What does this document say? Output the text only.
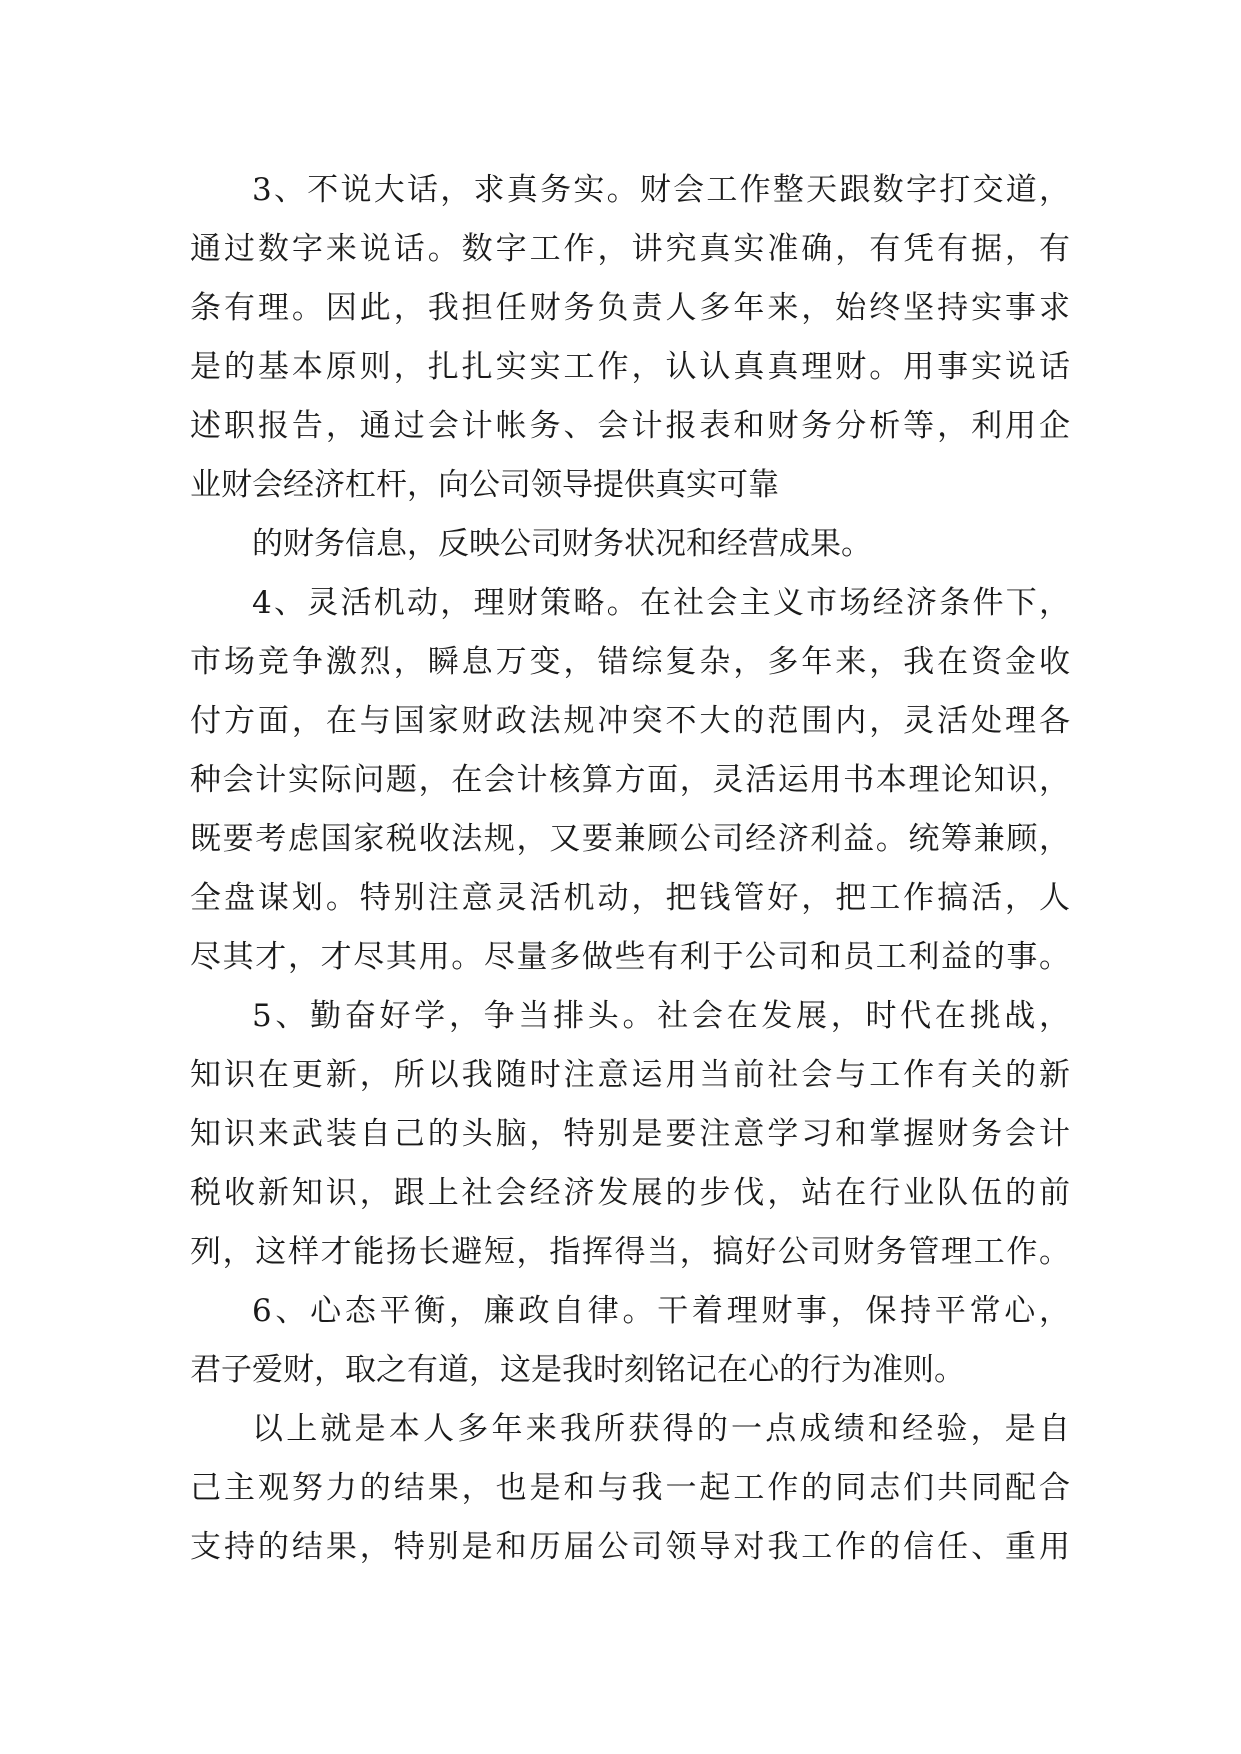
3、不说大话，求真务实。财会工作整天跟数字打交道，
通过数字来说话。数字工作，讲究真实准确，有凭有据，有
条有理。因此，我担任财务负责人多年来，始终坚持实事求
是的基本原则，扎扎实实工作，认认真真理财。用事实说话
述职报告，通过会计帐务、会计报表和财务分析等，利用企
业财会经济杠杆，向公司领导提供真实可靠
的财务信息，反映公司财务状况和经营成果。
4、灵活机动，理财策略。在社会主义市场经济条件下，
市场竞争激烈，瞬息万变，错综复杂，多年来，我在资金收
付方面，在与国家财政法规冲突不大的范围内，灵活处理各
种会计实际问题，在会计核算方面，灵活运用书本理论知识，
既要考虑国家税收法规，又要兼顾公司经济利益。统筹兼顾，
全盘谋划。特别注意灵活机动，把钱管好，把工作搞活，人
尽其才，才尽其用。尽量多做些有利于公司和员工利益的事。
5、勤奋好学，争当排头。社会在发展，时代在挑战，
知识在更新，所以我随时注意运用当前社会与工作有关的新
知识来武装自己的头脑，特别是要注意学习和掌握财务会计
税收新知识，跟上社会经济发展的步伐，站在行业队伍的前
列，这样才能扬长避短，指挥得当，搞好公司财务管理工作。
6、心态平衡，廉政自律。干着理财事，保持平常心，
君子爱财，取之有道，这是我时刻铭记在心的行为准则。
以上就是本人多年来我所获得的一点成绩和经验，是自
己主观努力的结果，也是和与我一起工作的同志们共同配合
支持的结果，特别是和历届公司领导对我工作的信任、重用
